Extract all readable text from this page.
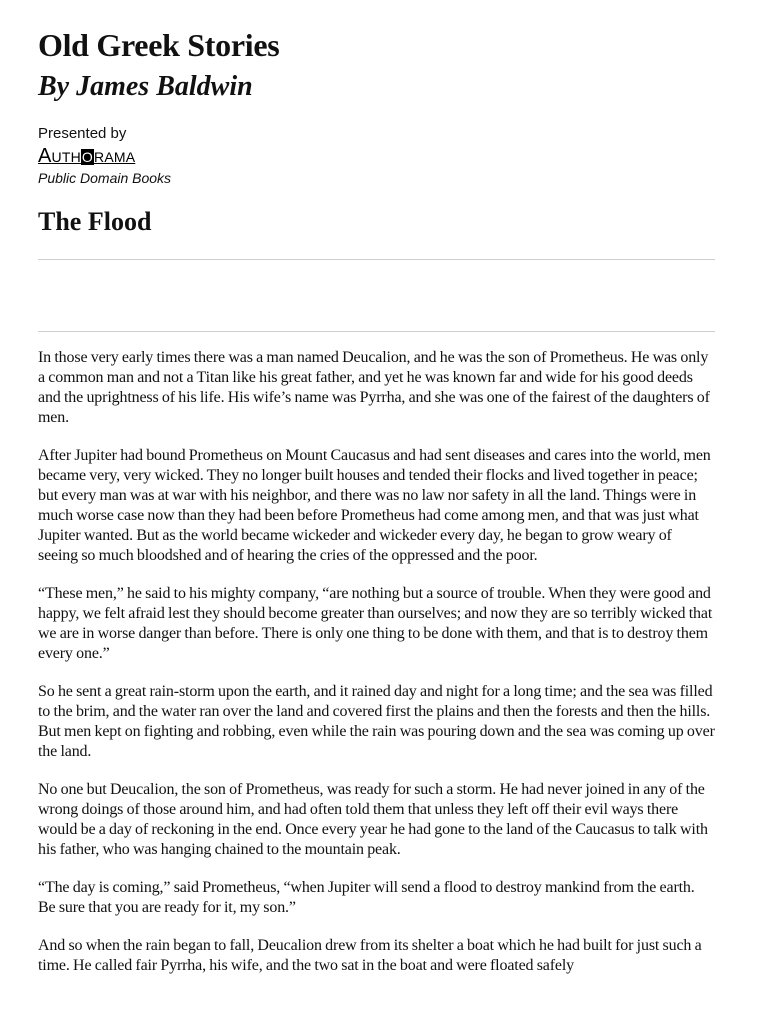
Old Greek Stories
By James Baldwin
Presented by
AUTHORAMA
Public Domain Books
The Flood

In those very early times there was a man named Deucalion, and he was the son of Prometheus. He was only a common man and not a Titan like his great father, and yet he was known far and wide for his good deeds and the uprightness of his life. His wife’s name was Pyrrha, and she was one of the fairest of the daughters of men.

After Jupiter had bound Prometheus on Mount Caucasus and had sent diseases and cares into the world, men became very, very wicked. They no longer built houses and tended their flocks and lived together in peace; but every man was at war with his neighbor, and there was no law nor safety in all the land. Things were in much worse case now than they had been before Prometheus had come among men, and that was just what Jupiter wanted. But as the world became wickeder and wickeder every day, he began to grow weary of seeing so much bloodshed and of hearing the cries of the oppressed and the poor.

“These men,” he said to his mighty company, “are nothing but a source of trouble. When they were good and happy, we felt afraid lest they should become greater than ourselves; and now they are so terribly wicked that we are in worse danger than before. There is only one thing to be done with them, and that is to destroy them every one.”

So he sent a great rain-storm upon the earth, and it rained day and night for a long time; and the sea was filled to the brim, and the water ran over the land and covered first the plains and then the forests and then the hills. But men kept on fighting and robbing, even while the rain was pouring down and the sea was coming up over the land.

No one but Deucalion, the son of Prometheus, was ready for such a storm. He had never joined in any of the wrong doings of those around him, and had often told them that unless they left off their evil ways there would be a day of reckoning in the end. Once every year he had gone to the land of the Caucasus to talk with his father, who was hanging chained to the mountain peak.

“The day is coming,” said Prometheus, “when Jupiter will send a flood to destroy mankind from the earth. Be sure that you are ready for it, my son.”

And so when the rain began to fall, Deucalion drew from its shelter a boat which he had built for just such a time. He called fair Pyrrha, his wife, and the two sat in the boat and were floated safely
